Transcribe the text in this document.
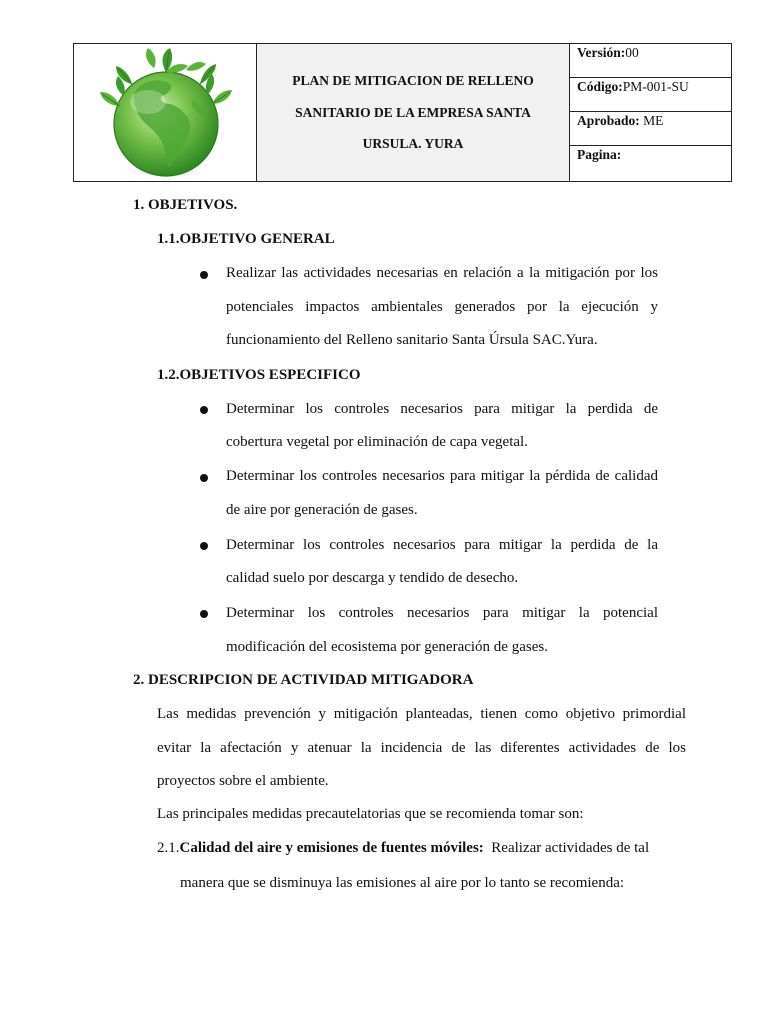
PLAN DE MITIGACION DE RELLENO
SANITARIO DE LA EMPRESA SANTA
URSULA. YURA
Versión:00
Código:PM-001-SU
Aprobado: ME
Pagina:
1. OBJETIVOS.
1.1.OBJETIVO GENERAL
Realizar las actividades necesarias en relación a la mitigación por los
potenciales impactos ambientales generados por la ejecución y
funcionamiento del Relleno sanitario Santa Úrsula SAC.Yura.
1.2.OBJETIVOS ESPECIFICO
Determinar los controles necesarios para mitigar la perdida de
cobertura vegetal por eliminación de capa vegetal.
Determinar los controles necesarios para mitigar la pérdida de calidad
de aire por generación de gases.
Determinar los controles necesarios para mitigar la perdida de la
calidad suelo por descarga y tendido de desecho.
Determinar los controles necesarios para mitigar la potencial
modificación del ecosistema por generación de gases.
2. DESCRIPCION DE ACTIVIDAD MITIGADORA
Las medidas prevención y mitigación planteadas, tienen como objetivo primordial
evitar la afectación y atenuar la incidencia de las diferentes actividades de los
proyectos sobre el ambiente.
Las principales medidas precautelatorias que se recomienda tomar son:
2.1.Calidad del aire y emisiones de fuentes móviles:  Realizar actividades de tal
manera que se disminuya las emisiones al aire por lo tanto se recomienda:
